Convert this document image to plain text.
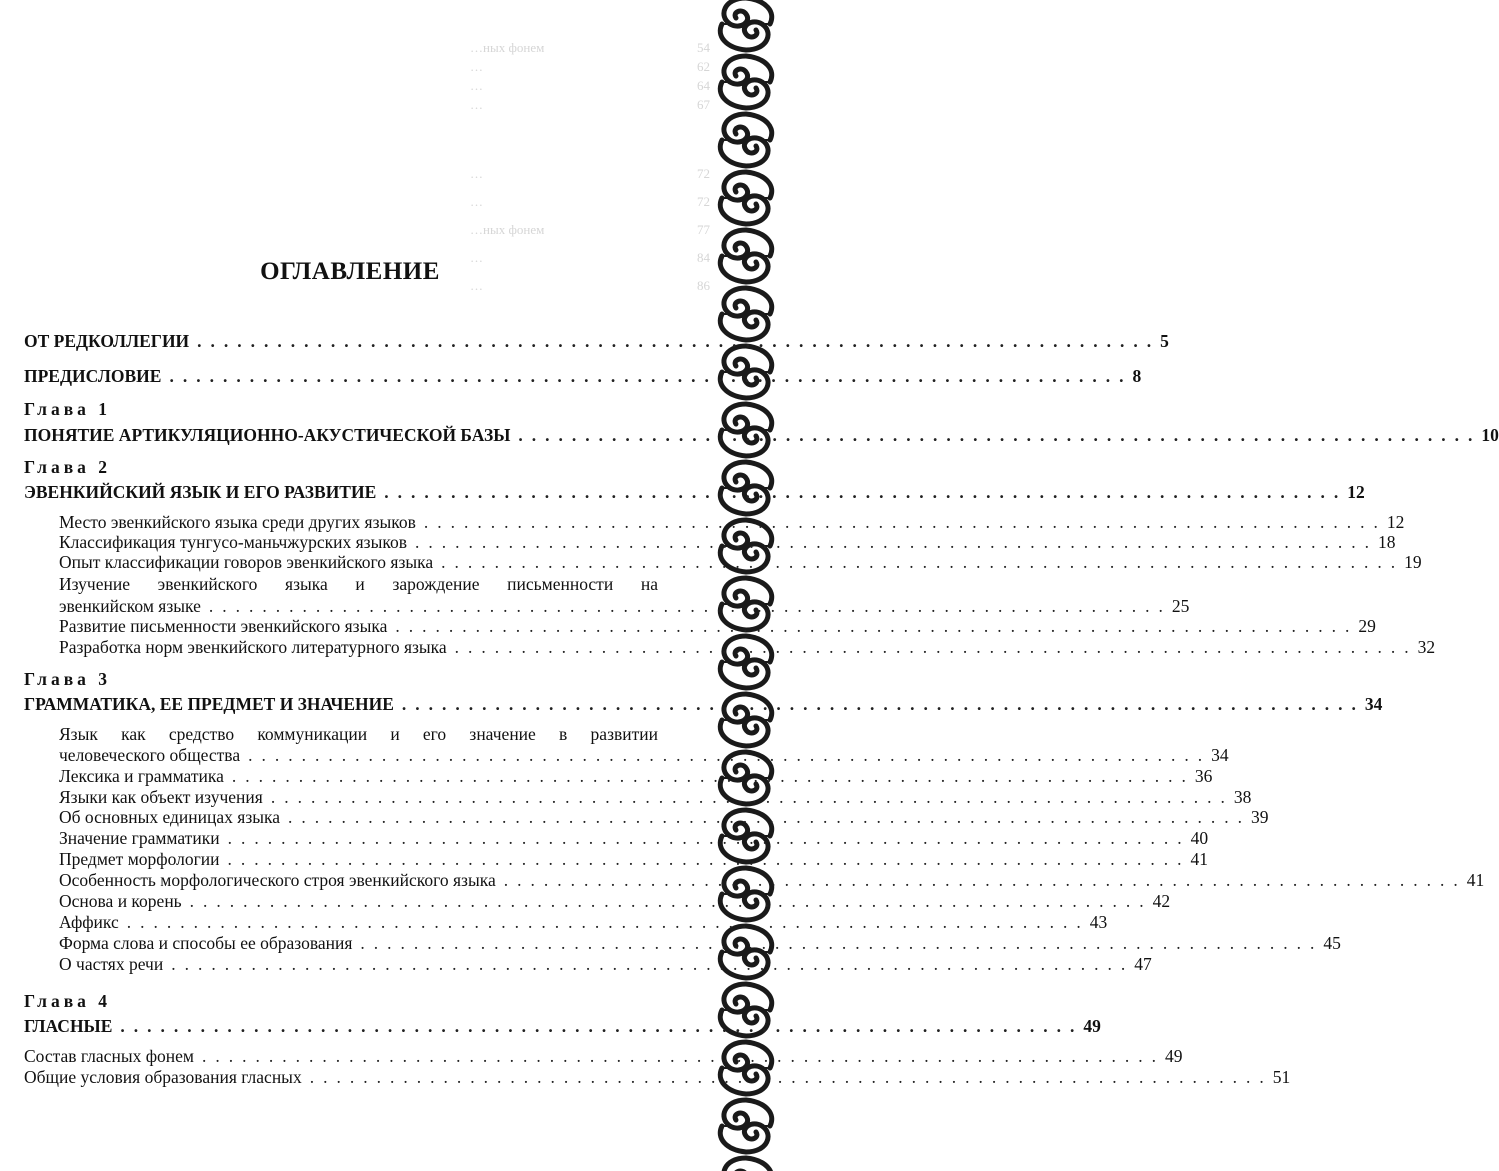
…ных фонем	54
…	62
…	64
…	67
…	72
…	72
…ных фонем	77
…	84
…	86
ОГЛАВЛЕНИЕ
ОТ РЕДКОЛЛЕГИИ ........................................................................ 5
ПРЕДИСЛОВИЕ ........................................................................ 8
Глава 1
ПОНЯТИЕ АРТИКУЛЯЦИОННО-АКУСТИЧЕСКОЙ БАЗЫ ........................................................................ 10
Глава 2
ЭВЕНКИЙСКИЙ ЯЗЫК И ЕГО РАЗВИТИЕ ........................................................................ 12
Место эвенкийского языка среди других языков ........................................................................ 12
Классификация тунгусо-маньчжурских языков ........................................................................ 18
Опыт классификации говоров эвенкийского языка ........................................................................ 19
Изучение эвенкийского языка и зарождение письменности на
эвенкийском языке ........................................................................ 25
Развитие письменности эвенкийского языка ........................................................................ 29
Разработка норм эвенкийского литературного языка ........................................................................ 32
Глава 3
ГРАММАТИКА, ЕЕ ПРЕДМЕТ И ЗНАЧЕНИЕ ........................................................................ 34
Язык как средство коммуникации и его значение в развитии
человеческого общества ........................................................................ 34
Лексика и грамматика ........................................................................ 36
Языки как объект изучения ........................................................................ 38
Об основных единицах языка ........................................................................ 39
Значение грамматики ........................................................................ 40
Предмет морфологии ........................................................................ 41
Особенность морфологического строя эвенкийского языка ........................................................................ 41
Основа и корень ........................................................................ 42
Аффикс ........................................................................ 43
Форма слова и способы ее образования ........................................................................ 45
О частях речи ........................................................................ 47
Глава 4
ГЛАСНЫЕ ........................................................................ 49
Состав гласных фонем ........................................................................ 49
Общие условия образования гласных ........................................................................ 51
